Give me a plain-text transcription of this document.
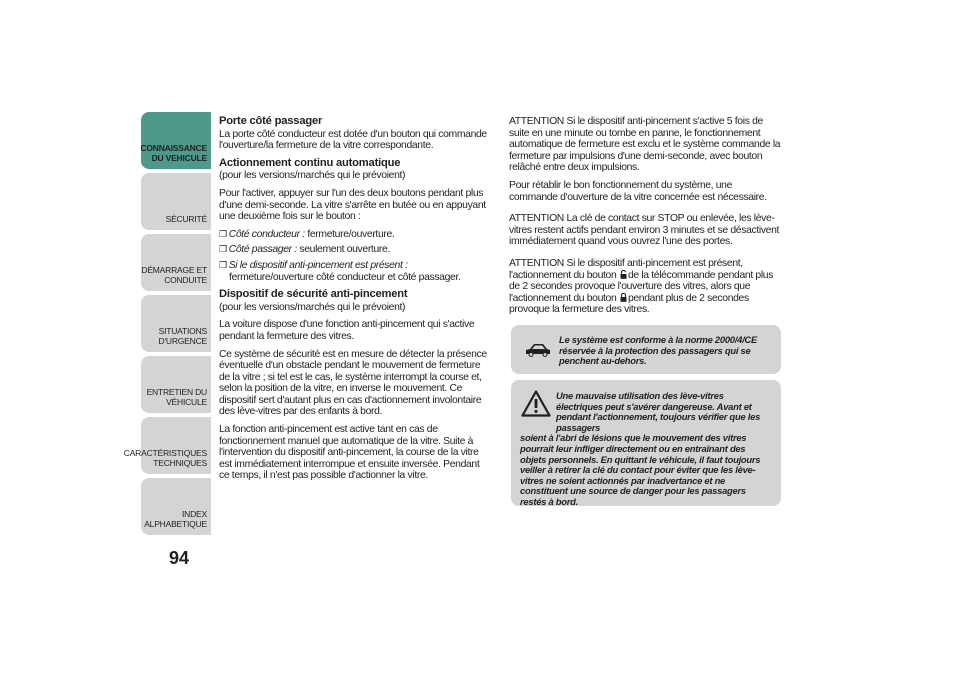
CONNAISSANCE
DU VEHICULE
SÉCURITÉ
DÉMARRAGE ET
CONDUITE
SITUATIONS
D'URGENCE
ENTRETIEN DU
VÉHICULE
CARACTÉRISTIQUES
TECHNIQUES
INDEX
ALPHABETIQUE
94
Porte côté passager

La porte côté conducteur est dotée d'un bouton qui commande l'ouverture/la fermeture de la vitre correspondante.

Actionnement continu automatique
(pour les versions/marchés qui le prévoient)

Pour l'activer, appuyer sur l'un des deux boutons pendant plus d'une demi-seconde. La vitre s'arrête en butée ou en appuyant une deuxième fois sur le bouton :

❒ Côté conducteur : fermeture/ouverture.
❒ Côté passager : seulement ouverture.
❒ Si le dispositif anti-pincement est présent : fermeture/ouverture côté conducteur et côté passager.
Dispositif de sécurité anti-pincement
(pour les versions/marchés qui le prévoient)

La voiture dispose d'une fonction anti-pincement qui s'active pendant la fermeture des vitres.

Ce système de sécurité est en mesure de détecter la présence éventuelle d'un obstacle pendant le mouvement de fermeture de la vitre ; si tel est le cas, le système interrompt la course et, selon la position de la vitre, en inverse le mouvement. Ce dispositif sert d'autant plus en cas d'actionnement involontaire des lève-vitres par des enfants à bord.

La fonction anti-pincement est active tant en cas de fonctionnement manuel que automatique de la vitre. Suite à l'intervention du dispositif anti-pincement, la course de la vitre est immédiatement interrompue et ensuite inversée. Pendant ce temps, il n'est pas possible d'actionner la vitre.

ATTENTION Si le dispositif anti-pincement s'active 5 fois de suite en une minute ou tombe en panne, le fonctionnement automatique de fermeture est exclu et le système commande la fermeture par impulsions d'une demi-seconde, avec bouton relâché entre deux impulsions.

Pour rétablir le bon fonctionnement du système, une commande d'ouverture de la vitre concernée est nécessaire.

ATTENTION La clé de contact sur STOP ou enlevée, les lève-vitres restent actifs pendant environ 3 minutes et se désactivent immédiatement quand vous ouvrez l'une des portes.

ATTENTION Si le dispositif anti-pincement est présent, l'actionnement du bouton de la télécommande pendant plus de 2 secondes provoque l'ouverture des vitres, alors que l'actionnement du bouton pendant plus de 2 secondes provoque la fermeture des vitres.

Le système est conforme à la norme 2000/4/CE réservée à la protection des passagers qui se penchent au-dehors.
Une mauvaise utilisation des lève-vitres électriques peut s'avérer dangereuse. Avant et pendant l'actionnement, toujours vérifier que les passagers
soient à l'abri de lésions que le mouvement des vitres pourrait leur infliger directement ou en entraînant des objets personnels. En quittant le véhicule, il faut toujours veiller à retirer la clé du contact pour éviter que les lève-vitres ne soient actionnés par inadvertance et ne constituent une source de danger pour les passagers restés à bord.
